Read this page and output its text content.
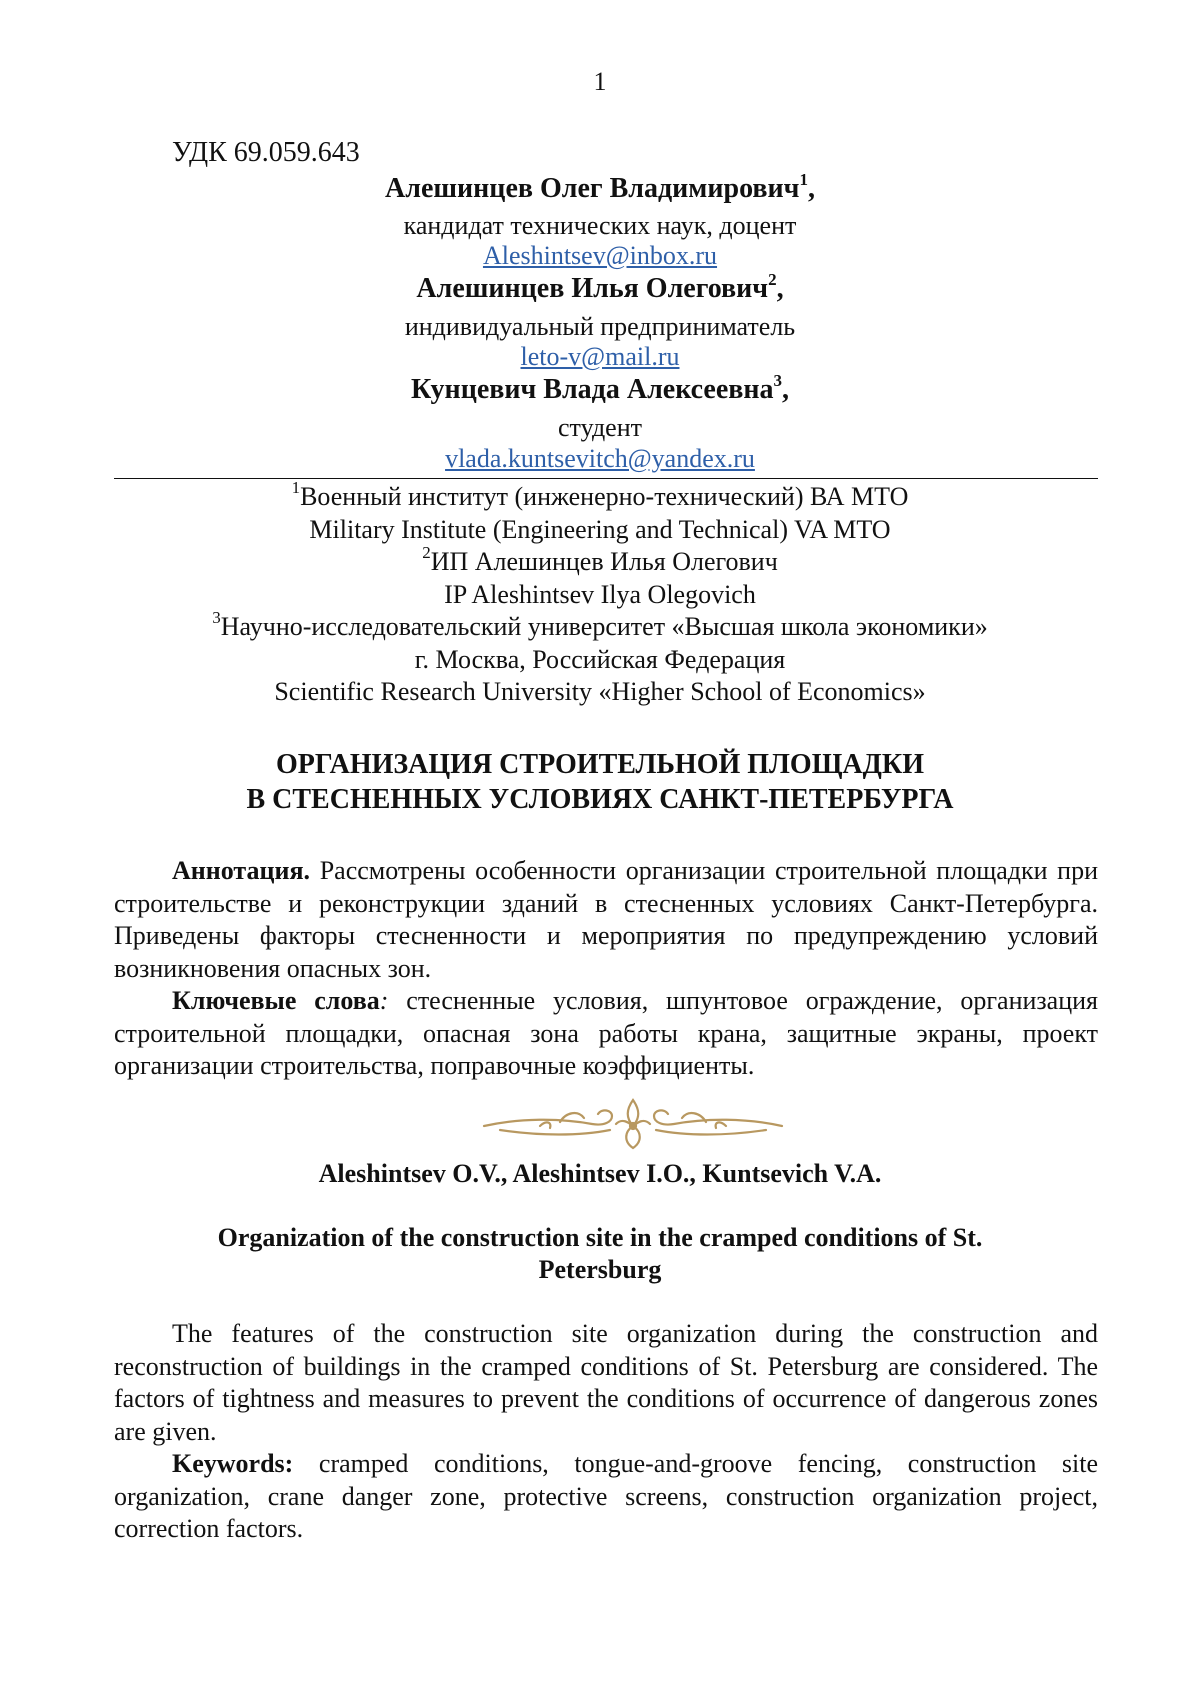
1
УДК 69.059.643
Алешинцев Олег Владимирович$^1$,
кандидат технических наук, доцент
Aleshintsev@inbox.ru
Алешинцев Илья Олегович$^2$,
индивидуальный предприниматель
leto-v@mail.ru
Кунцевич Влада Алексеевна$^3$,
студент
vlada.kuntsevitch@yandex.ru
$^1$Военный институт (инженерно-технический) ВА МТО
Military Institute (Engineering and Technical) VA MTO
$^2$ИП Алешинцев Илья Олегович
IP Aleshintsev Ilya Olegovich
$^3$Научно-исследовательский университет «Высшая школа экономики»
г. Москва, Российская Федерация
Scientific Research University «Higher School of Economics»
ОРГАНИЗАЦИЯ СТРОИТЕЛЬНОЙ ПЛОЩАДКИ
В СТЕСНЕННЫХ УСЛОВИЯХ САНКТ-ПЕТЕРБУРГА

Аннотация. Рассмотрены особенности организации строительной площадки при строительстве и реконструкции зданий в стесненных условиях Санкт-Петербурга. Приведены факторы стесненности и мероприятия по предупреждению условий возникновения опасных зон.

Ключевые слова: стесненные условия, шпунтовое ограждение, организация строительной площадки, опасная зона работы крана, защитные экраны, проект организации строительства, поправочные коэффициенты.

Aleshintsev O.V., Aleshintsev I.O., Kuntsevich V.A.
Organization of the construction site in the cramped conditions of St.
Petersburg

The features of the construction site organization during the construction and reconstruction of buildings in the cramped conditions of St. Petersburg are considered. The factors of tightness and measures to prevent the conditions of occurrence of dangerous zones are given.

Keywords: cramped conditions, tongue-and-groove fencing, construction site organization, crane danger zone, protective screens, construction organization project, correction factors.
